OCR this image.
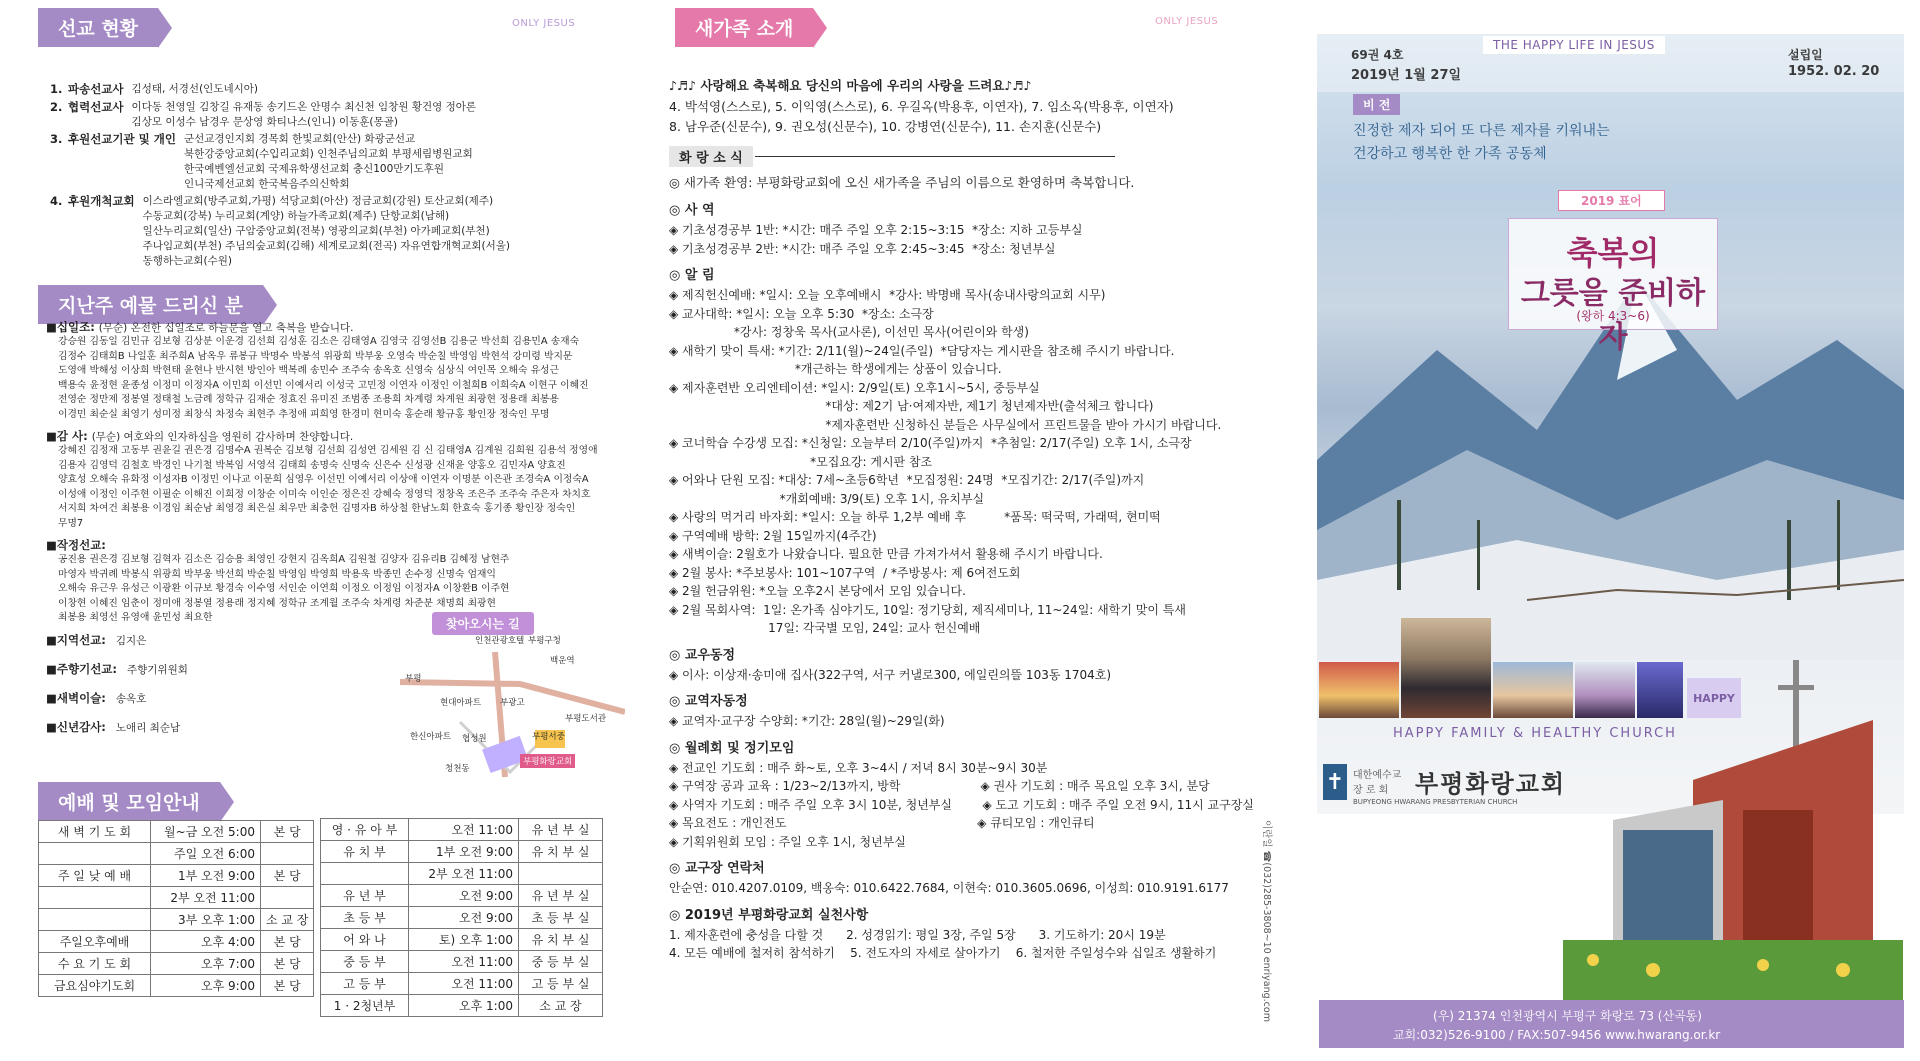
선교 현황	ONLY JESUS
1. 파송선교사 김성태, 서경선(인도네시아)
2. 협력선교사 이다동 천영일 김창길 유재동 송기드온 안명수 최신천 임창원 황건영 정아론
김상모 이성수 남경우 문상영 화티나스(인니) 이동훈(몽골)
3. 후원선교기관 및 개인 군선교경인지회 경목회 한빛교회(안산) 화광군선교
북한강중앙교회(수입리교회) 인천주님의교회 부평세림병원교회
한국예벤엘선교회 국제유학생선교회 충신100만기도후원
인니국제선교회 한국복음주의신학회
4. 후원개척교회 이스라엘교회(방주교회,가평) 석당교회(아산) 정금교회(강원) 토산교회(제주)
수동교회(강북) 누리교회(계양) 하늘가족교회(제주) 단항교회(남해)
일산누리교회(일산) 구암중앙교회(전북) 영광의교회(부천) 아가페교회(부천)
주나임교회(부천) 주님의숲교회(김해) 세계로교회(전곡) 자유연합개혁교회(서울)
동행하는교회(수원)
지난주 예물 드리신 분
■십일조: (무순) 온전한 십일조로 하늘문을 열고 축복을 받습니다.
강승원 김동일 김민규 김보형 김상분 이운경 김선희 김성훈 김소은 김태영A 김영국 김영선B 김용군 박선희 김용민A 송재숙
김정수 김태희B 나일훈 최주희A 남옥우 류봉규 박명수 박봉석 위광희 박부웅 오영숙 박순칠 박영임 박현석 강미령 박지문
도영애 박해성 이상희 박현태 윤현나 반시현 방인아 백복례 송민수 조주숙 송옥호 신영숙 심상식 여인목 오해숙 유성근
백용숙 윤정현 윤종성 이정미 이정자A 이민희 이선민 이예서리 이성국 고민정 이연자 이정인 이철희B 이희숙A 이현구 이혜진
전영순 정만제 정봉열 정태철 노금례 정학규 김재순 정효진 유미진 조범종 조용희 차계령 차계원 최광현 정용래 최봉용
이경민 최순실 최영기 성미정 최창식 차정숙 최현주 추정애 피희영 한경미 현미숙 홍순래 황규홍 황인장 정숙인 무명
■감 사: (무순) 여호와의 인자하심을 영원히 감사하며 찬양합니다.
강혜진 김정재 고동부 권윤길 권은경 김명수A 권복순 김보형 김선희 김성연 김세원 김 신 김태영A 김계원 김희원 김용석 정영애
김용자 김영덕 김철호 박경인 나기철 박복임 서영석 김태희 송명숙 신명숙 신은수 신성광 신재윤 양홍오 김민자A 양효진
양효성 오해숙 유화정 이성자B 이정민 이나교 이문희 심영우 이선민 이예서리 이상애 이연자 이명분 이은관 조경숙A 이정숙A
이성애 이정인 이주현 이필순 이해진 이희정 이창순 이미숙 이인순 정은진 강혜숙 정영덕 정창옥 조은주 조주숙 주은자 차치호
서지희 차여건 최봉용 이경임 최순남 최영경 최은실 최우만 최충헌 김명자B 하상철 한남노회 한효숙 홍기종 황인장 정숙인
무명7
■작정선교:
공진용 권은경 김보형 김혁자 김소은 김승용 최영인 강현지 김옥희A 김원철 김양자 김유리B 김혜정 남현주
마영자 박귀례 박봉식 위광희 박부웅 박선희 박순칠 박영임 박영희 박용욱 박종민 손수정 신명숙 엄재익
오해숙 유근우 유성근 이광환 이규보 황경숙 이수영 서인순 이연희 이정오 이정임 이정자A 이창환B 이주현
이창현 이혜진 임춘이 정미애 정봉열 정용래 정지혜 정학규 조계월 조주숙 차계령 차준분 채명희 최광현
최봉용 최영선 유영애 윤민성 최요한
■지역선교: 김지은
■주향기선교: 주향기위원회
■새벽이슬: 송옥호
■신년감사: 노애리 최순남
찾아오시는 길
인천관광호텔 부평구청
백운역
부평
현대아파트 부광고
부평도서관
한신아파트 협성원	부평서중
청천동
부평화랑교회
예배 및 모임안내
새 벽 기 도 회	월~금 오전 5:00	본 당
	주일 오전 6:00	
주 일 낮 예 배	1부 오전 9:00	본 당
	2부 오전 11:00	
	3부 오후 1:00	소 교 장
주일오후예배	오후 4:00	본 당
수 요 기 도 회	오후 7:00	본 당
금요심야기도회	오후 9:00	본 당
영 · 유 아 부	오전 11:00	유 년 부 실
유 치 부	1부 오전 9:00	유 치 부 실
	2부 오전 11:00	
유 년 부	오전 9:00	유 년 부 실
초 등 부	오전 9:00	초 등 부 실
어 와 나	토) 오후 1:00	유 치 부 실
중 등 부	오전 11:00	중 등 부 실
고 등 부	오전 11:00	고 등 부 실
1 · 2청년부	오후 1:00	소 교 장
새가족 소개	ONLY JESUS
♪♬♪ 사랑해요 축복해요 당신의 마음에 우리의 사랑을 드려요♪♬♪
4. 박석영(스스로), 5. 이익영(스스로), 6. 우길옥(박용후, 이연자), 7. 임소옥(박용후, 이연자)
8. 남우준(신문수), 9. 권오성(신문수), 10. 강병연(신문수), 11. 손지훈(신문수)
화 랑 소 식
◎ 새가족 환영: 부평화랑교회에 오신 새가족을 주님의 이름으로 환영하며 축복합니다.
◎ 사 역
◈ 기초성경공부 1반: *시간: 매주 주일 오후 2:15~3:15  *장소: 지하 고등부실
◈ 기초성경공부 2반: *시간: 매주 주일 오후 2:45~3:45  *장소: 청년부실
◎ 알 림
◈ 제직헌신예배: *일시: 오늘 오후예배시  *강사: 박명배 목사(송내사랑의교회 시무)
◈ 교사대학: *일시: 오늘 오후 5:30  *장소: 소극장
*강사: 정창욱 목사(교사론), 이선민 목사(어린이와 학생)
◈ 새학기 맞이 특새: *기간: 2/11(월)~24일(주일)  *담당자는 게시판을 참조해 주시기 바랍니다.
*개근하는 학생에게는 상품이 있습니다.
◈ 제자훈련반 오리엔테이션: *일시: 2/9일(토) 오후1시~5시, 중등부실
*대상: 제2기 남·여제자반, 제1기 청년제자반(출석체크 합니다)
*제자훈련반 신청하신 분들은 사무실에서 프린트물을 받아 가시기 바랍니다.
◈ 코너학습 수강생 모집: *신청일: 오늘부터 2/10(주일)까지  *추첨일: 2/17(주일) 오후 1시, 소극장
*모집요강: 게시판 참조
◈ 어와나 단원 모집: *대상: 7세~초등6학년  *모집정원: 24명  *모집기간: 2/17(주일)까지
*개회예배: 3/9(토) 오후 1시, 유치부실
◈ 사랑의 먹거리 바자회: *일시: 오늘 하루 1,2부 예배 후          *품목: 떡국떡, 가래떡, 현미떡
◈ 구역예배 방학: 2월 15일까지(4주간)
◈ 새벽이슬: 2월호가 나왔습니다. 필요한 만큼 가져가셔서 활용해 주시기 바랍니다.
◈ 2월 봉사: *주보봉사: 101~107구역  / *주방봉사: 제 6여전도회
◈ 2월 헌금위원: *오늘 오후2시 본당에서 모임 있습니다.
◈ 2월 목회사역:  1일: 온가족 심야기도, 10일: 정기당회, 제직세미나, 11~24일: 새학기 맞이 특새
17일: 각국별 모임, 24일: 교사 헌신예배
◎ 교우동정
◈ 이사: 이상재·송미애 집사(322구역, 서구 커낼로300, 에일린의뜰 103동 1704호)
◎ 교역자동정
◈ 교역자·교구장 수양회: *기간: 28일(월)~29일(화)
◎ 월례회 및 정기모임
◈ 전교인 기도회 : 매주 화~토, 오후 3~4시 / 저녁 8시 30분~9시 30분
◈ 구역장 공과 교육 : 1/23~2/13까지, 방학                     ◈ 권사 기도회 : 매주 목요일 오후 3시, 분당
◈ 사역자 기도회 : 매주 주일 오후 3시 10분, 청년부실        ◈ 도고 기도회 : 매주 주일 오전 9시, 11시 교구장실
◈ 목요전도 : 개인전도                                                  ◈ 큐티모임 : 개인큐티
◈ 기획위원회 모임 : 주일 오후 1시, 청년부실
◎ 교구장 연락처
안순연: 010.4207.0109, 백옹숙: 010.6422.7684, 이현숙: 010.3605.0696, 이성희: 010.9191.6177
◎ 2019년 부평화랑교회 실천사항
1. 제자훈련에 충성을 다할 것      2. 성경읽기: 평일 3장, 주일 5장      3. 기도하기: 20시 19분
4. 모든 예배에 철저히 참석하기    5. 전도자의 자세로 살아가기    6. 철저한 주일성수와 십일조 생활하기	이란일 ☎(032)285-3808~10 enriyang.com
69권 4호
2019년 1월 27일
THE HAPPY LIFE IN JESUS
설립일
1952. 02. 20
비 전
진정한 제자 되어 또 다른 제자를 키워내는
건강하고 행복한 한 가족 공동체
2019 표어
축복의
그릇을 준비하자
(왕하 4:3~6)
HAPPY
HAPPY FAMILY & HEALTHY CHURCH
✝ 대한예수교
장 로 회 부평화랑교회
BUPYEONG HWARANG PRESBYTERIAN CHURCH
(우) 21374 인천광역시 부평구 화랑로 73 (산곡동)
교회:032)526-9100 / FAX:507-9456 www.hwarang.or.kr
